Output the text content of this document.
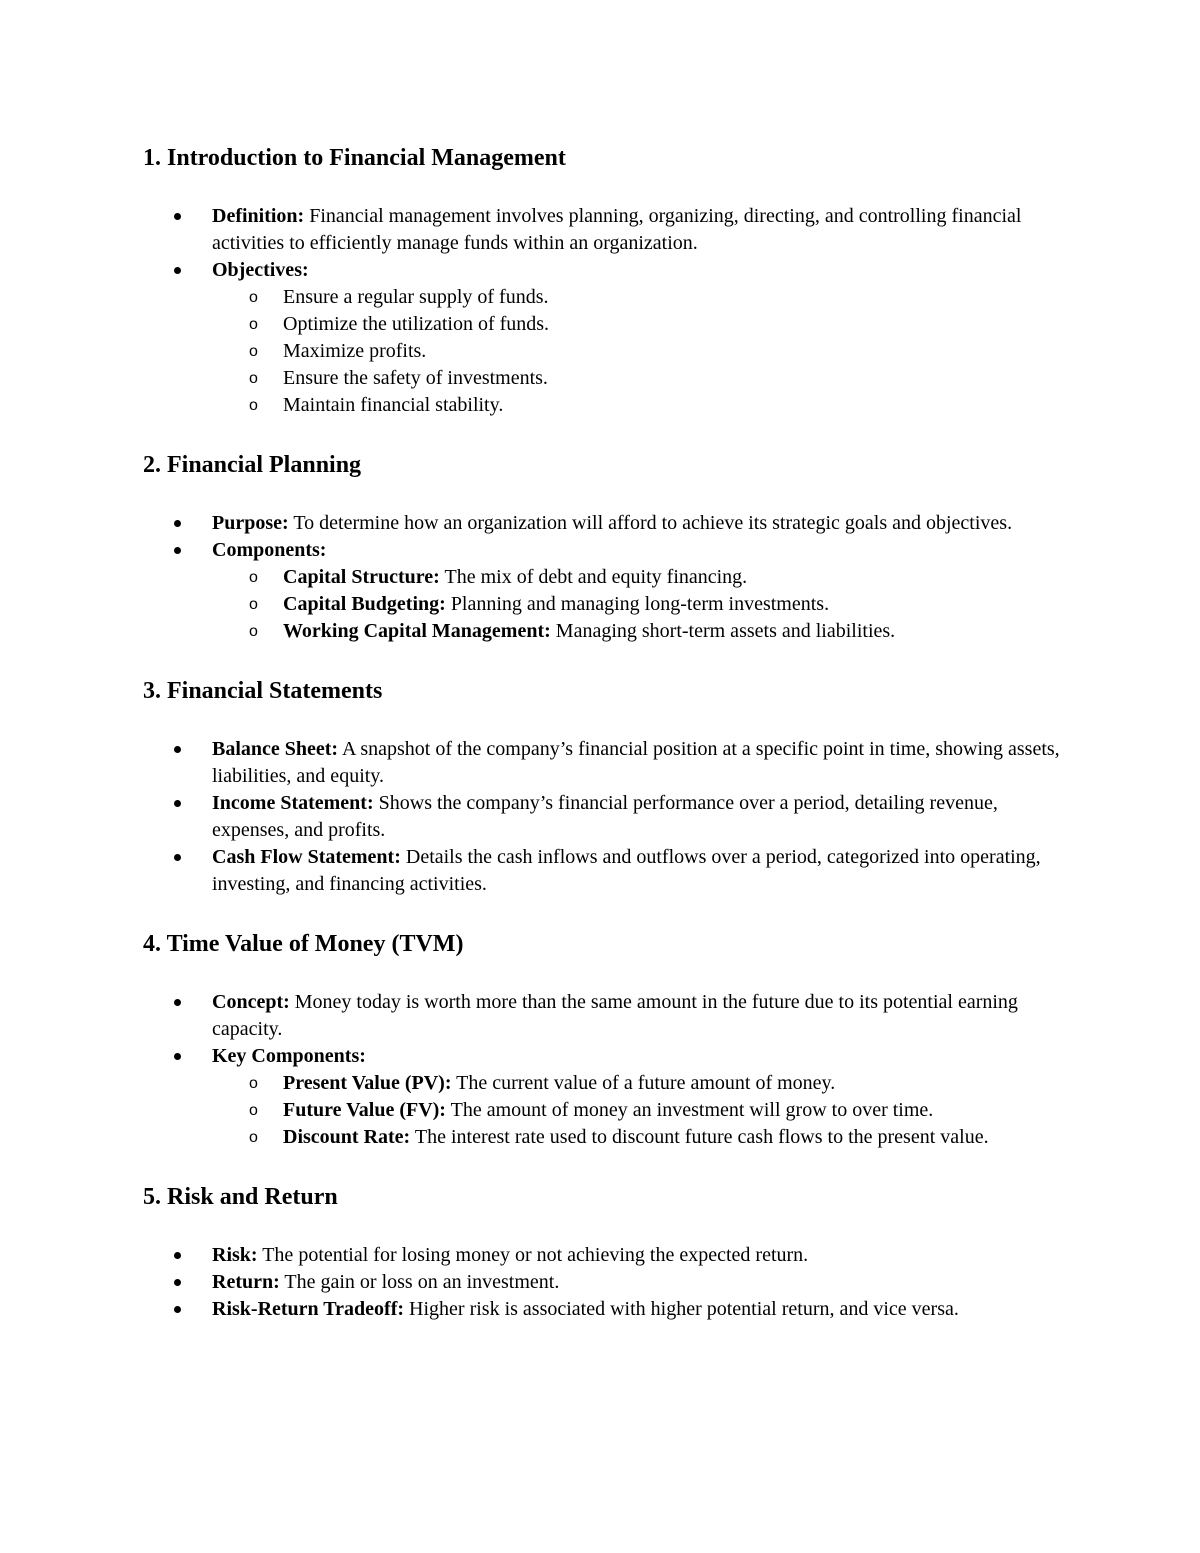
1. Introduction to Financial Management
Definition: Financial management involves planning, organizing, directing, and controlling financial activities to efficiently manage funds within an organization.
Objectives:
o Ensure a regular supply of funds.
o Optimize the utilization of funds.
o Maximize profits.
o Ensure the safety of investments.
o Maintain financial stability.
2. Financial Planning
Purpose: To determine how an organization will afford to achieve its strategic goals and objectives.
Components:
o Capital Structure: The mix of debt and equity financing.
o Capital Budgeting: Planning and managing long-term investments.
o Working Capital Management: Managing short-term assets and liabilities.
3. Financial Statements
Balance Sheet: A snapshot of the company’s financial position at a specific point in time, showing assets, liabilities, and equity.
Income Statement: Shows the company’s financial performance over a period, detailing revenue, expenses, and profits.
Cash Flow Statement: Details the cash inflows and outflows over a period, categorized into operating, investing, and financing activities.
4. Time Value of Money (TVM)
Concept: Money today is worth more than the same amount in the future due to its potential earning capacity.
Key Components:
o Present Value (PV): The current value of a future amount of money.
o Future Value (FV): The amount of money an investment will grow to over time.
o Discount Rate: The interest rate used to discount future cash flows to the present value.
5. Risk and Return
Risk: The potential for losing money or not achieving the expected return.
Return: The gain or loss on an investment.
Risk-Return Tradeoff: Higher risk is associated with higher potential return, and vice versa.
